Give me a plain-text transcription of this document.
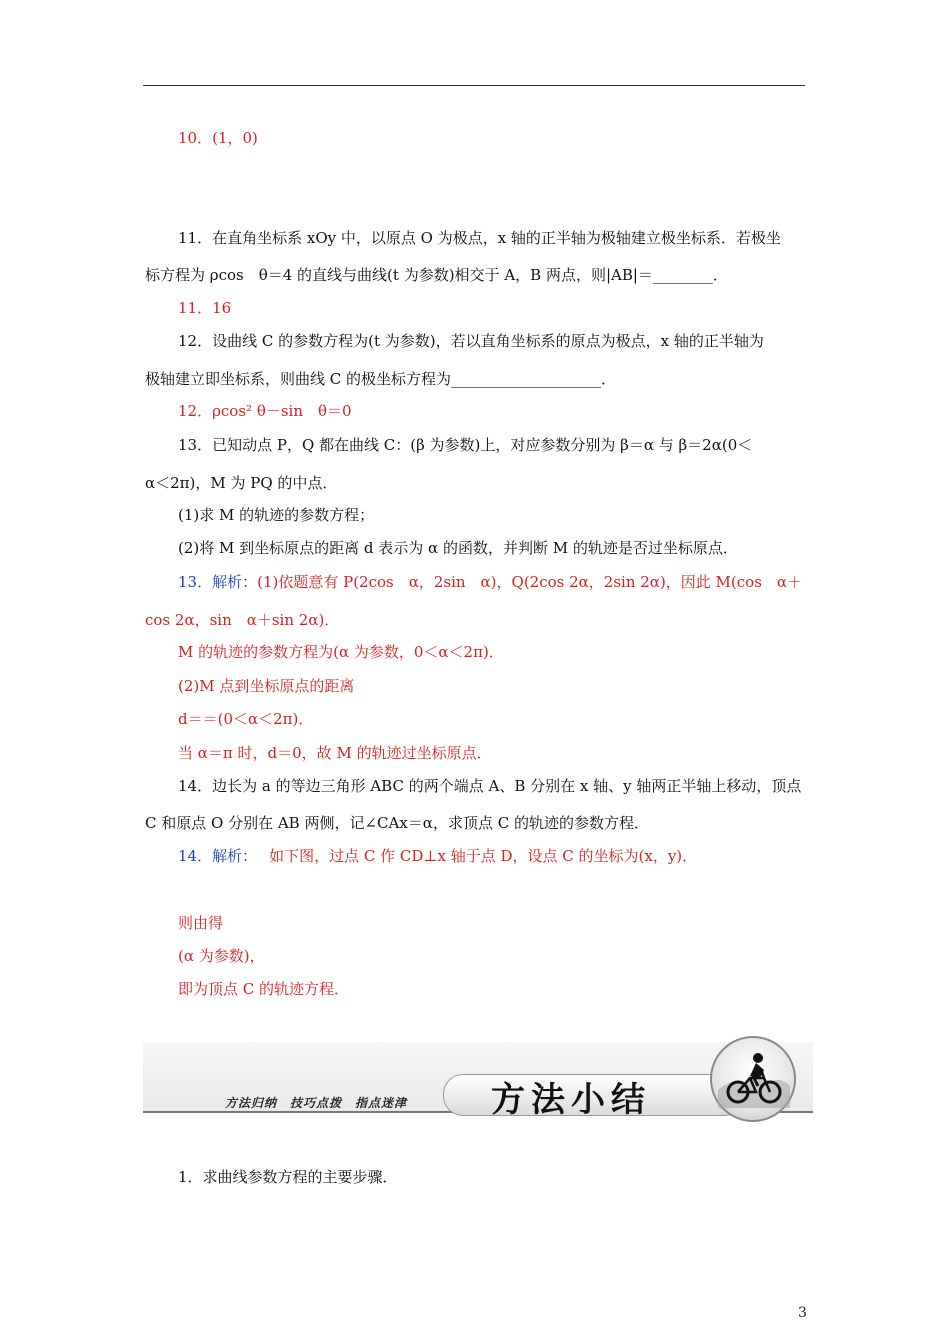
10．(1，0)
11．在直角坐标系 xOy 中，以原点 O 为极点，x 轴的正半轴为极轴建立极坐标系．若极坐
标方程为 ρcos　θ＝4 的直线与曲线(t 为参数)相交于 A，B 两点，则|AB|＝________．
11．16
12．设曲线 C 的参数方程为(t 为参数)，若以直角坐标系的原点为极点，x 轴的正半轴为
极轴建立即坐标系，则曲线 C 的极坐标方程为____________________．
12．ρcos² θ－sin　θ＝0
13．已知动点 P，Q 都在曲线 C：(β 为参数)上，对应参数分别为 β＝α 与 β＝2α(0＜
α＜2π)，M 为 PQ 的中点．
(1)求 M 的轨迹的参数方程；
(2)将 M 到坐标原点的距离 d 表示为 α 的函数，并判断 M 的轨迹是否过坐标原点．
13．解析：(1)依题意有 P(2cos　α，2sin　α)，Q(2cos 2α，2sin 2α)，因此 M(cos　α＋
cos 2α，sin　α＋sin 2α)．
M 的轨迹的参数方程为(α 为参数，0＜α＜2π)．
(2)M 点到坐标原点的距离
d＝＝(0＜α＜2π)．
当 α＝π 时，d＝0，故 M 的轨迹过坐标原点．
14．边长为 a 的等边三角形 ABC 的两个端点 A、B 分别在 x 轴、y 轴两正半轴上移动，顶点
C 和原点 O 分别在 AB 两侧，记∠CAx＝α，求顶点 C 的轨迹的参数方程．
14．解析： 如下图，过点 C 作 CD⊥x 轴于点 D，设点 C 的坐标为(x，y)．
则由得
(α 为参数)，
即为顶点 C 的轨迹方程．
方法归纳　技巧点拨　指点迷津 方法小结
1．求曲线参数方程的主要步骤．
3
